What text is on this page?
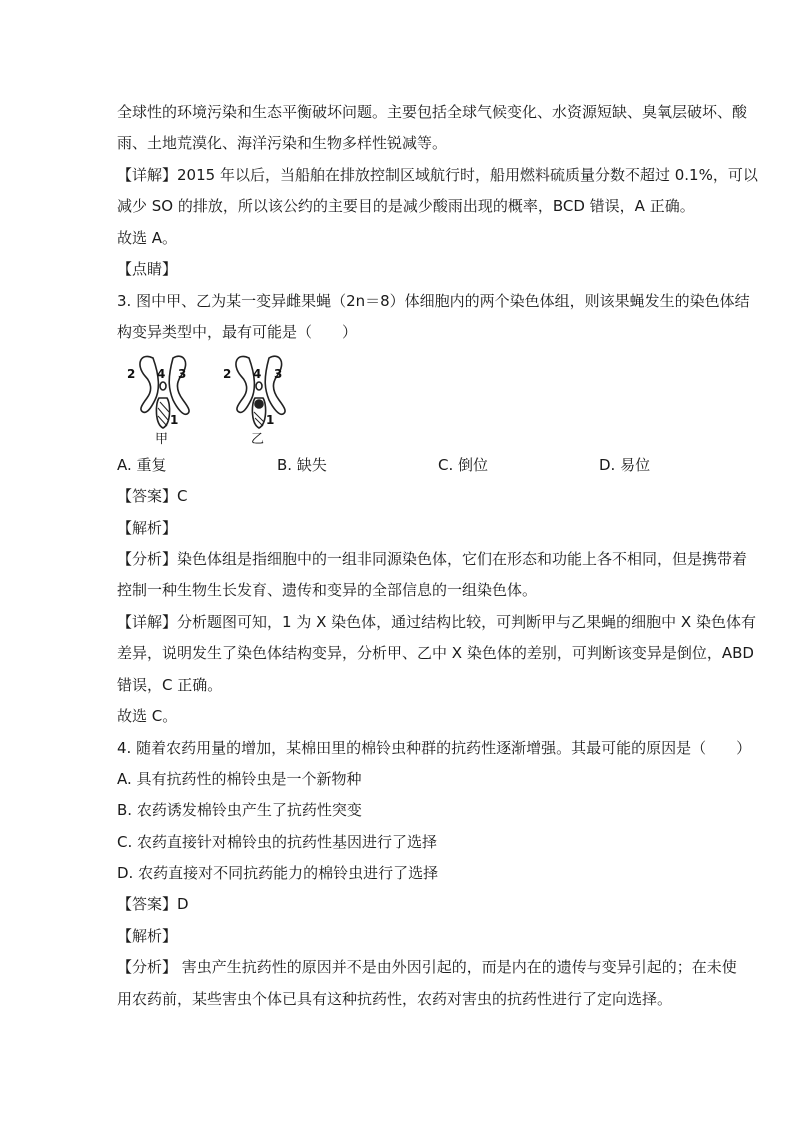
全球性的环境污染和生态平衡破坏问题。主要包括全球气候变化、水资源短缺、臭氧层破坏、酸
雨、土地荒漠化、海洋污染和生物多样性锐减等。
【详解】2015 年以后，当船舶在排放控制区域航行时，船用燃料硫质量分数不超过 0.1%，可以
减少 SO 的排放，所以该公约的主要目的是减少酸雨出现的概率，BCD 错误，A 正确。
故选 A。
【点睛】
3. 图中甲、乙为某一变异雌果蝇（2n＝8）体细胞内的两个染色体组，则该果蝇发生的染色体结
构变异类型中，最有可能是（　　）
2 4 3
1
甲
2 4 3
1
乙
A. 重复	B. 缺失	C. 倒位	D. 易位
【答案】C
【解析】
【分析】染色体组是指细胞中的一组非同源染色体，它们在形态和功能上各不相同，但是携带着
控制一种生物生长发育、遗传和变异的全部信息的一组染色体。
【详解】分析题图可知，1 为 X 染色体，通过结构比较，可判断甲与乙果蝇的细胞中 X 染色体有
差异，说明发生了染色体结构变异，分析甲、乙中 X 染色体的差别，可判断该变异是倒位，ABD
错误，C 正确。
故选 C。
4. 随着农药用量的增加，某棉田里的棉铃虫种群的抗药性逐渐增强。其最可能的原因是（　　）
A. 具有抗药性的棉铃虫是一个新物种
B. 农药诱发棉铃虫产生了抗药性突变
C. 农药直接针对棉铃虫的抗药性基因进行了选择
D. 农药直接对不同抗药能力的棉铃虫进行了选择
【答案】D
【解析】
【分析】 害虫产生抗药性的原因并不是由外因引起的，而是内在的遗传与变异引起的；在未使
用农药前，某些害虫个体已具有这种抗药性，农药对害虫的抗药性进行了定向选择。
